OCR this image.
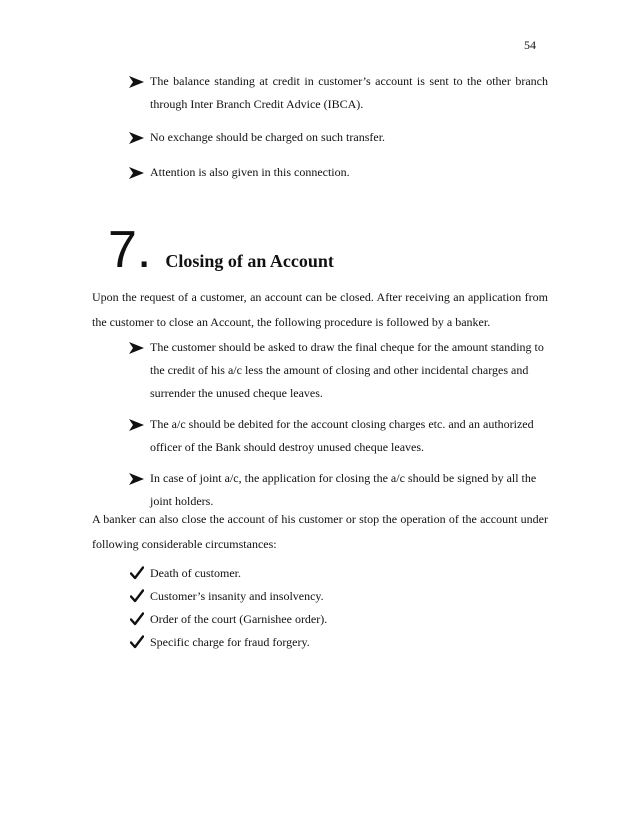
54
The balance standing at credit in customer’s account is sent to the other branch through Inter Branch Credit Advice (IBCA).
No exchange should be charged on such transfer.
Attention is also given in this connection.
7. Closing of an Account

Upon the request of a customer, an account can be closed. After receiving an application from the customer to close an Account, the following procedure is followed by a banker.

The customer should be asked to draw the final cheque for the amount standing to the credit of his a/c less the amount of closing and other incidental charges and surrender the unused cheque leaves.
The a/c should be debited for the account closing charges etc. and an authorized officer of the Bank should destroy unused cheque leaves.
In case of joint a/c, the application for closing the a/c should be signed by all the joint holders.

A banker can also close the account of his customer or stop the operation of the account under following considerable circumstances:

Death of customer.
Customer’s insanity and insolvency.
Order of the court (Garnishee order).
Specific charge for fraud forgery.
